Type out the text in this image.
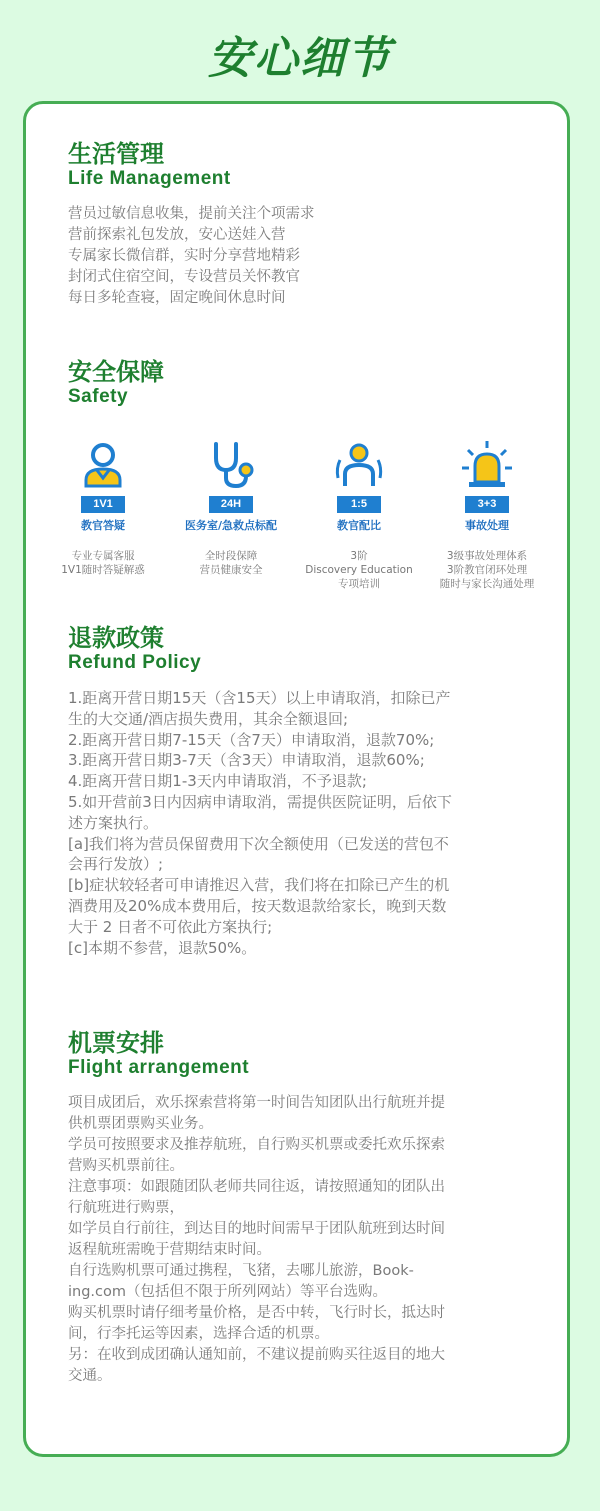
安心细节

生活管理

Life Management

营员过敏信息收集，提前关注个项需求
营前探索礼包发放，安心送娃入营
专属家长微信群，实时分享营地精彩
封闭式住宿空间，专设营员关怀教官
每日多轮查寝，固定晚间休息时间

安全保障

Safety

1V1
教官答疑
专业专属客服
1V1随时答疑解惑
24H
医务室/急救点标配
全时段保障
营员健康安全
1:5
教官配比
3阶
Discovery Education
专项培训
3+3
事故处理
3级事故处理体系
3阶教官闭环处理
随时与家长沟通处理

退款政策

Refund Policy

1.距离开营日期15天（含15天）以上申请取消，扣除已产
生的大交通/酒店损失费用，其余全额退回;
2.距离开营日期7-15天（含7天）申请取消，退款70%;
3.距离开营日期3-7天（含3天）申请取消，退款60%;
4.距离开营日期1-3天内申请取消，不予退款;
5.如开营前3日内因病申请取消，需提供医院证明，后依下
述方案执行。
[a]我们将为营员保留费用下次全额使用（已发送的营包不
会再行发放）;
[b]症状较轻者可申请推迟入营，我们将在扣除已产生的机
酒费用及20%成本费用后，按天数退款给家长，晚到天数
大于 2 日者不可依此方案执行;
[c]本期不参营，退款50%。

机票安排

Flight arrangement

项目成团后，欢乐探索营将第一时间告知团队出行航班并提
供机票团票购买业务。
学员可按照要求及推荐航班，自行购买机票或委托欢乐探索
营购买机票前往。
注意事项：如跟随团队老师共同往返，请按照通知的团队出
行航班进行购票，
如学员自行前往，到达目的地时间需早于团队航班到达时间
返程航班需晚于营期结束时间。
自行选购机票可通过携程，飞猪，去哪儿旅游，Book-
ing.com（包括但不限于所列网站）等平台选购。
购买机票时请仔细考量价格，是否中转，飞行时长，抵达时
间，行李托运等因素，选择合适的机票。
另：在收到成团确认通知前，不建议提前购买往返目的地大
交通。
